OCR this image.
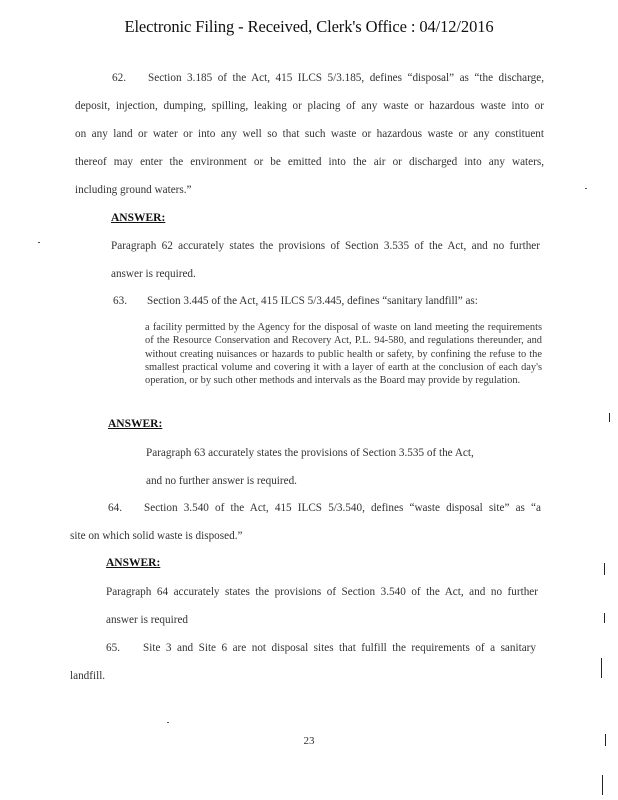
Electronic Filing - Received, Clerk's Office : 04/12/2016
62. Section 3.185 of the Act, 415 ILCS 5/3.185, defines “disposal” as “the discharge,
deposit, injection, dumping, spilling, leaking or placing of any waste or hazardous waste into or
on any land or water or into any well so that such waste or hazardous waste or any constituent
thereof may enter the environment or be emitted into the air or discharged into any waters,
including ground waters.”
ANSWER:
Paragraph 62 accurately states the provisions of Section 3.535 of the Act, and no further
answer is required.
63. Section 3.445 of the Act, 415 ILCS 5/3.445, defines “sanitary landfill” as:
a facility permitted by the Agency for the disposal of waste on land meeting the requirements of the Resource Conservation and Recovery Act, P.L. 94-580, and regulations thereunder, and without creating nuisances or hazards to public health or safety, by confining the refuse to the smallest practical volume and covering it with a layer of earth at the conclusion of each day's operation, or by such other methods and intervals as the Board may provide by regulation.
ANSWER:
Paragraph 63 accurately states the provisions of Section 3.535 of the Act,
and no further answer is required.
64. Section 3.540 of the Act, 415 ILCS 5/3.540, defines “waste disposal site” as “a
site on which solid waste is disposed.”
ANSWER:
Paragraph 64 accurately states the provisions of Section 3.540 of the Act, and no further
answer is required
65. Site 3 and Site 6 are not disposal sites that fulfill the requirements of a sanitary
landfill.
23
